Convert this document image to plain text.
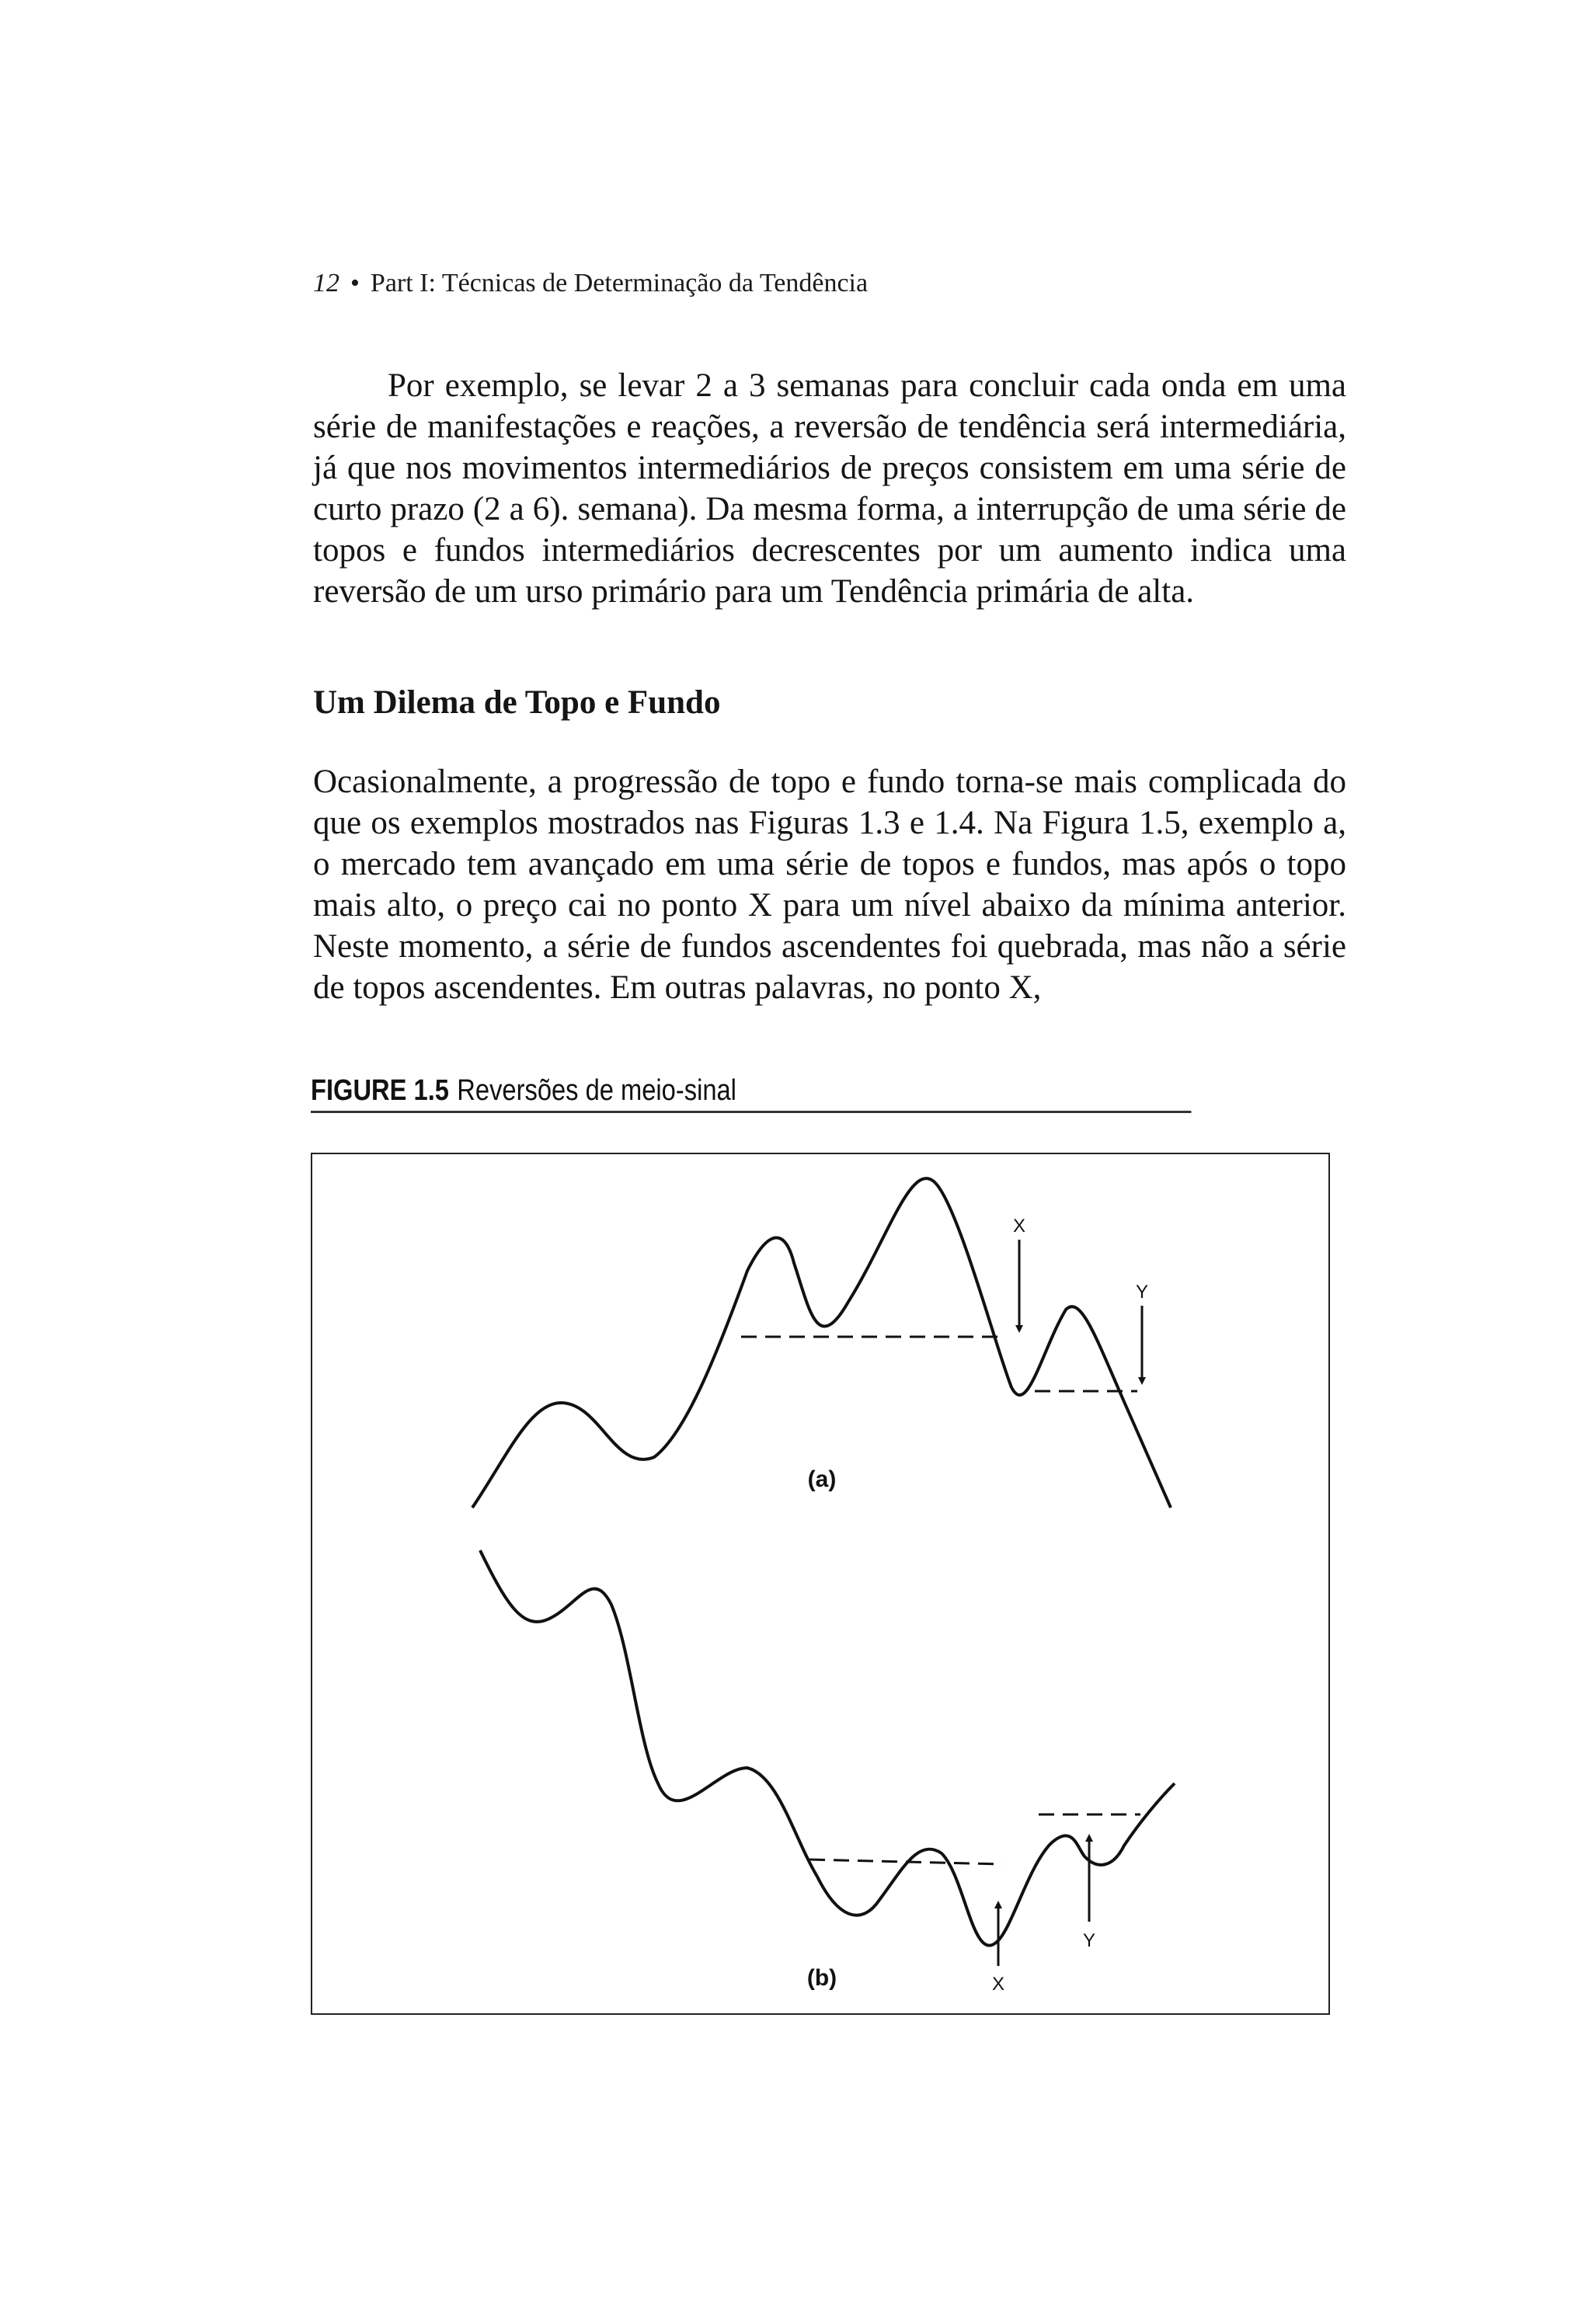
12 • Part I: Técnicas de Determinação da Tendência

Por exemplo, se levar 2 a 3 semanas para concluir cada onda em uma série de manifestações e reações, a reversão de tendência será intermediária, já que nos movimentos intermediários de preços consistem em uma série de curto prazo (2 a 6). semana). Da mesma forma, a interrupção de uma série de topos e fundos intermediários decrescentes por um aumento indica uma reversão de um urso primário para um Tendência primária de alta.

Um Dilema de Topo e Fundo

Ocasionalmente, a progressão de topo e fundo torna-se mais complicada do que os exemplos mostrados nas Figuras 1.3 e 1.4. Na Figura 1.5, exemplo a, o mercado tem avançado em uma série de topos e fundos, mas após o topo mais alto, o preço cai no ponto X para um nível abaixo da mínima anterior. Neste momento, a série de fundos ascendentes foi quebrada, mas não a série de topos ascendentes. Em outras palavras, no ponto X,

FIGURE 1.5 Reversões de meio-sinal
X
Y
(a)
X
Y
(b)
